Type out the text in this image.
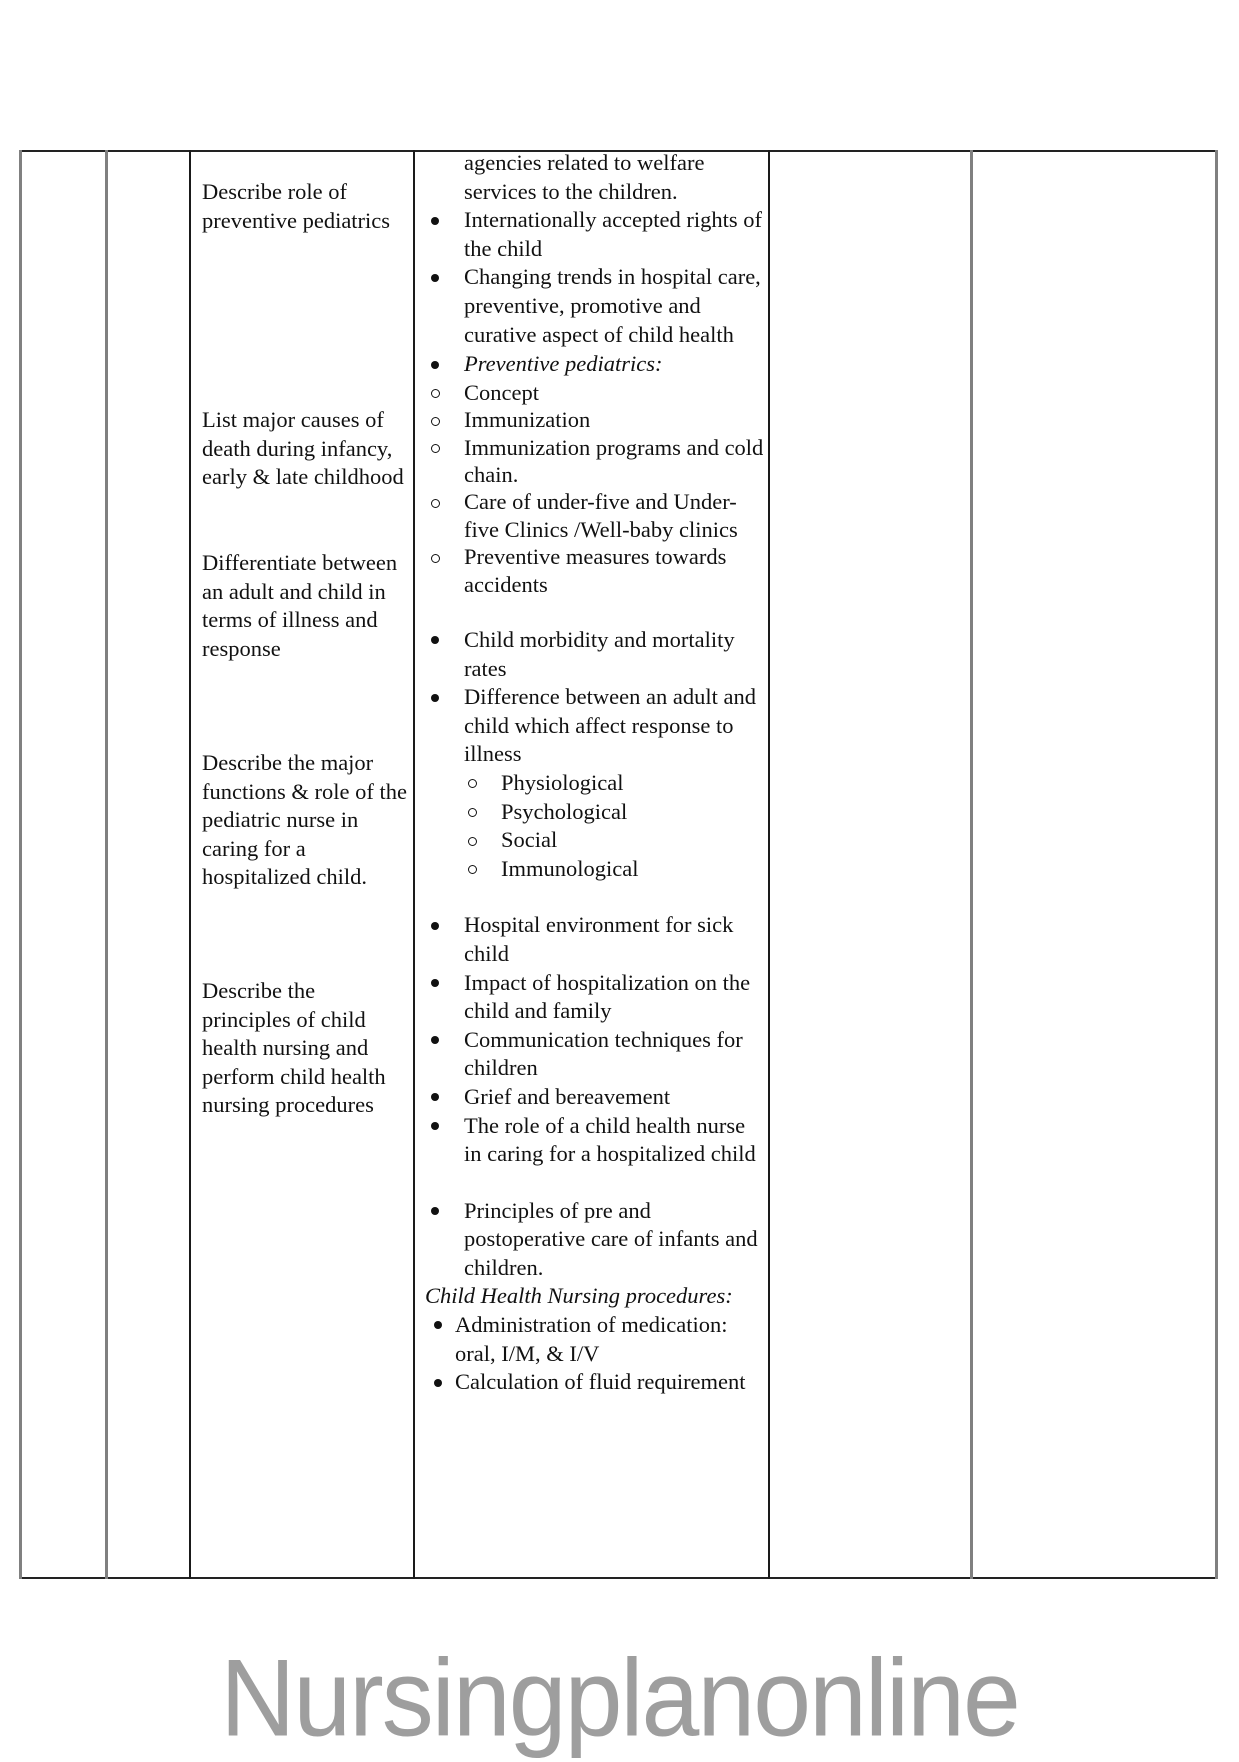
Describe role of preventive pediatrics
List major causes of death during infancy, early & late childhood
Differentiate between an adult and child in terms of illness and response
Describe the major functions & role of the pediatric nurse in caring for a hospitalized child.
Describe the principles of child health nursing and perform child health nursing procedures
agencies related to welfare services to the children.
Internationally accepted rights of the child
Changing trends in hospital care, preventive, promotive and curative aspect of child health
Preventive pediatrics:
Concept
Immunization
Immunization programs and cold chain.
Care of under-five and Under-five Clinics /Well-baby clinics
Preventive measures towards accidents
Child morbidity and mortality rates
Difference between an adult and child which affect response to illness
Physiological
Psychological
Social
Immunological
Hospital environment for sick child
Impact of hospitalization on the child and family
Communication techniques for children
Grief and bereavement
The role of a child health nurse in caring for a hospitalized child
Principles of pre and postoperative care of infants and children.
Child Health Nursing procedures:
Administration of medication: oral, I/M, & I/V
Calculation of fluid requirement
Nursingplanonline
